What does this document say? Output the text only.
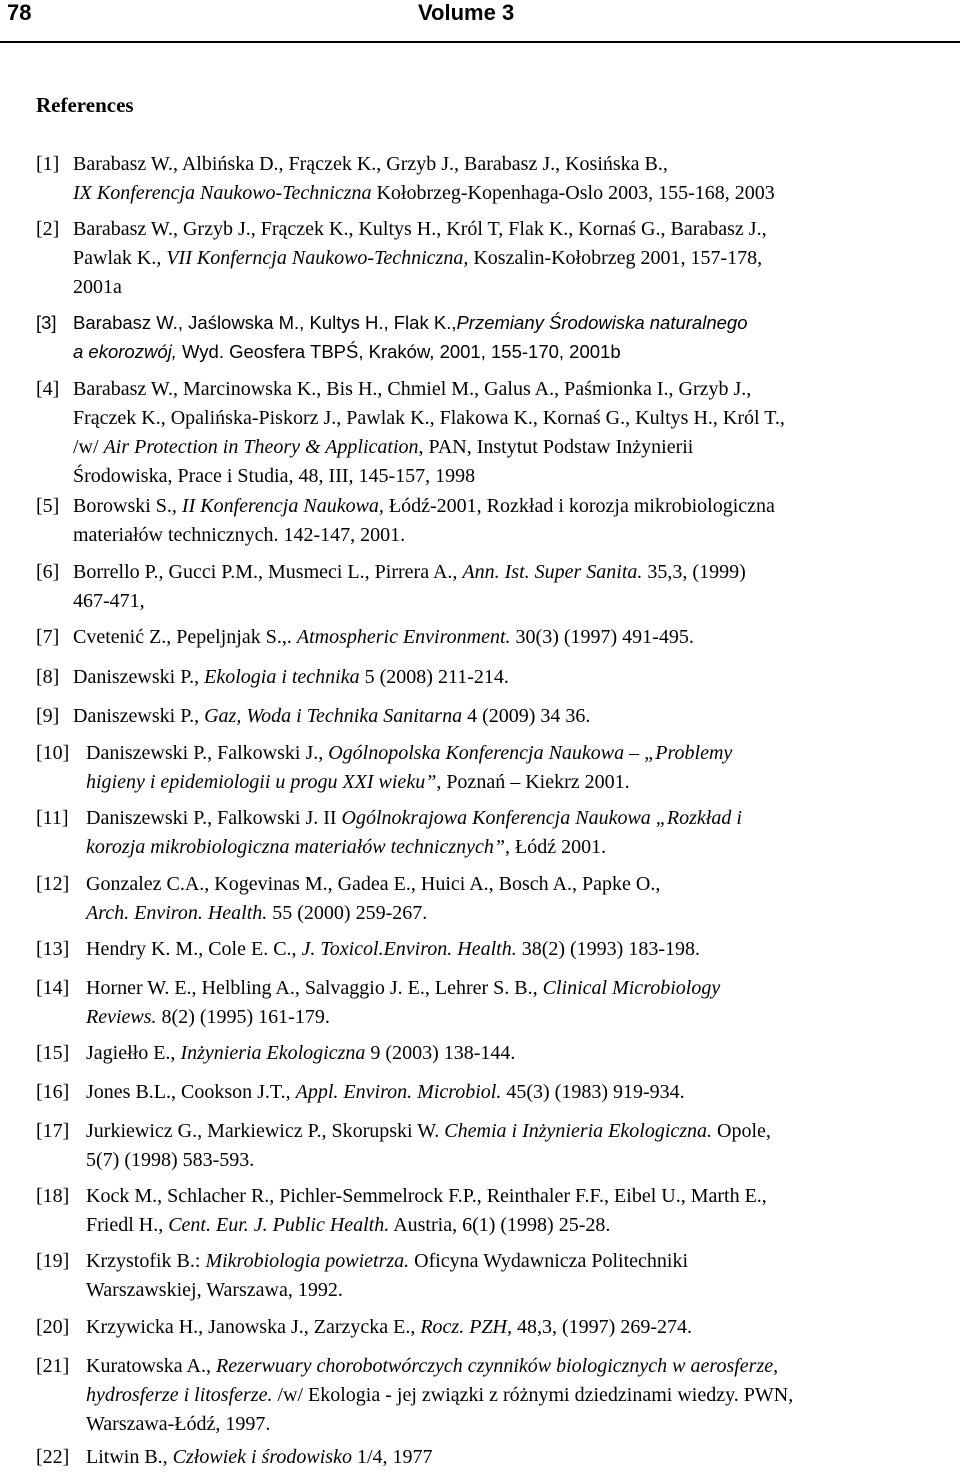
78	Volume 3
References
[1] Barabasz W., Albińska D., Frączek K., Grzyb J., Barabasz J., Kosińska B.,
IX Konferencja Naukowo-Techniczna Kołobrzeg-Kopenhaga-Oslo 2003, 155-168, 2003
[2] Barabasz W., Grzyb J., Frączek K., Kultys H., Król T, Flak K., Kornaś G., Barabasz J.,
Pawlak K., VII Konferncja Naukowo-Techniczna, Koszalin-Kołobrzeg 2001, 157-178,
2001a
[3] Barabasz W., Jaślowska M., Kultys H., Flak K.,Przemiany Środowiska naturalnego
a ekorozwój, Wyd. Geosfera TBPŚ, Kraków, 2001, 155-170, 2001b
[4] Barabasz W., Marcinowska K., Bis H., Chmiel M., Galus A., Paśmionka I., Grzyb J.,
Frączek K., Opalińska-Piskorz J., Pawlak K., Flakowa K., Kornaś G., Kultys H., Król T.,
/w/ Air Protection in Theory & Application, PAN, Instytut Podstaw Inżynierii
Środowiska, Prace i Studia, 48, III, 145-157, 1998
[5] Borowski S., II Konferencja Naukowa, Łódź-2001, Rozkład i korozja mikrobiologiczna
materiałów technicznych. 142-147, 2001.
[6] Borrello P., Gucci P.M., Musmeci L., Pirrera A., Ann. Ist. Super Sanita. 35,3, (1999)
467-471,
[7] Cvetenić Z., Pepeljnjak S.,. Atmospheric Environment. 30(3) (1997) 491-495.
[8] Daniszewski P., Ekologia i technika 5 (2008) 211-214.
[9] Daniszewski P., Gaz, Woda i Technika Sanitarna 4 (2009) 34 36.
[10] Daniszewski P., Falkowski J., Ogólnopolska Konferencja Naukowa – „Problemy
higieny i epidemiologii u progu XXI wieku”, Poznań – Kiekrz 2001.
[11] Daniszewski P., Falkowski J. II Ogólnokrajowa Konferencja Naukowa „Rozkład i
korozja mikrobiologiczna materiałów technicznych”, Łódź 2001.
[12] Gonzalez C.A., Kogevinas M., Gadea E., Huici A., Bosch A., Papke O.,
Arch. Environ. Health. 55 (2000) 259-267.
[13] Hendry K. M., Cole E. C., J. Toxicol.Environ. Health. 38(2) (1993) 183-198.
[14] Horner W. E., Helbling A., Salvaggio J. E., Lehrer S. B., Clinical Microbiology
Reviews. 8(2) (1995) 161-179.
[15] Jagiełło E., Inżynieria Ekologiczna 9 (2003) 138-144.
[16] Jones B.L., Cookson J.T., Appl. Environ. Microbiol. 45(3) (1983) 919-934.
[17] Jurkiewicz G., Markiewicz P., Skorupski W. Chemia i Inżynieria Ekologiczna. Opole,
5(7) (1998) 583-593.
[18] Kock M., Schlacher R., Pichler-Semmelrock F.P., Reinthaler F.F., Eibel U., Marth E.,
Friedl H., Cent. Eur. J. Public Health. Austria, 6(1) (1998) 25-28.
[19] Krzystofik B.: Mikrobiologia powietrza. Oficyna Wydawnicza Politechniki
Warszawskiej, Warszawa, 1992.
[20] Krzywicka H., Janowska J., Zarzycka E., Rocz. PZH, 48,3, (1997) 269-274.
[21] Kuratowska A., Rezerwuary chorobotwórczych czynników biologicznych w aerosferze,
hydrosferze i litosferze. /w/ Ekologia - jej związki z różnymi dziedzinami wiedzy. PWN,
Warszawa-Łódź, 1997.
[22] Litwin B., Człowiek i środowisko 1/4, 1977
